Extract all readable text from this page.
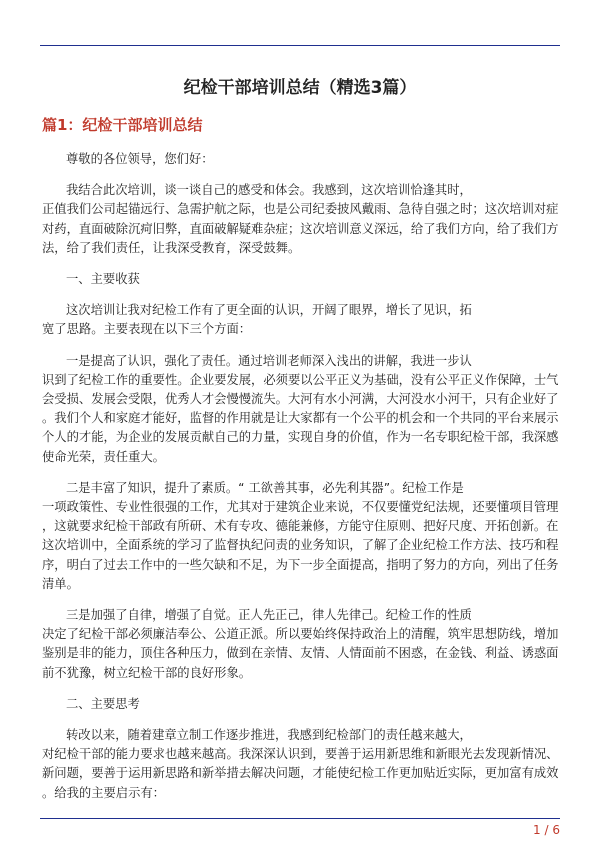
纪检干部培训总结（精选3篇）
篇1：纪检干部培训总结

尊敬的各位领导，您们好：

我结合此次培训，谈一谈自己的感受和体会。我感到，这次培训恰逢其时，
正值我们公司起锚远行、急需护航之际，也是公司纪委披风戴雨、急待自强之时；这次培训对症
对药，直面破除沉疴旧弊，直面破解疑难杂症；这次培训意义深远，给了我们方向，给了我们方
法，给了我们责任，让我深受教育，深受鼓舞。

一、主要收获

这次培训让我对纪检工作有了更全面的认识，开阔了眼界，增长了见识，拓
宽了思路。主要表现在以下三个方面：

一是提高了认识，强化了责任。通过培训老师深入浅出的讲解，我进一步认
识到了纪检工作的重要性。企业要发展，必须要以公平正义为基础，没有公平正义作保障，士气
会受损、发展会受限，优秀人才会慢慢流失。大河有水小河满，大河没水小河干，只有企业好了
。我们个人和家庭才能好，监督的作用就是让大家都有一个公平的机会和一个共同的平台来展示
个人的才能，为企业的发展贡献自己的力量，实现自身的价值，作为一名专职纪检干部，我深感
使命光荣，责任重大。

二是丰富了知识，提升了素质。“ 工欲善其事，必先利其器”。纪检工作是
一项政策性、专业性很强的工作，尤其对于建筑企业来说，不仅要懂党纪法规，还要懂项目管理
，这就要求纪检干部政有所研、术有专攻、德能兼修，方能守住原则、把好尺度、开拓创新。在
这次培训中，全面系统的学习了监督执纪问责的业务知识，了解了企业纪检工作方法、技巧和程
序，明白了过去工作中的一些欠缺和不足，为下一步全面提高，指明了努力的方向，列出了任务
清单。

三是加强了自律，增强了自觉。正人先正己，律人先律己。纪检工作的性质
决定了纪检干部必须廉洁奉公、公道正派。所以要始终保持政治上的清醒，筑牢思想防线，增加
鉴别是非的能力，顶住各种压力，做到在亲情、友情、人情面前不困惑，在金钱、利益、诱惑面
前不犹豫，树立纪检干部的良好形象。

二、主要思考

转改以来，随着建章立制工作逐步推进，我感到纪检部门的责任越来越大，
对纪检干部的能力要求也越来越高。我深深认识到，要善于运用新思维和新眼光去发现新情况、
新问题，要善于运用新思路和新举措去解决问题，才能使纪检工作更加贴近实际，更加富有成效
。给我的主要启示有：

1 / 6
